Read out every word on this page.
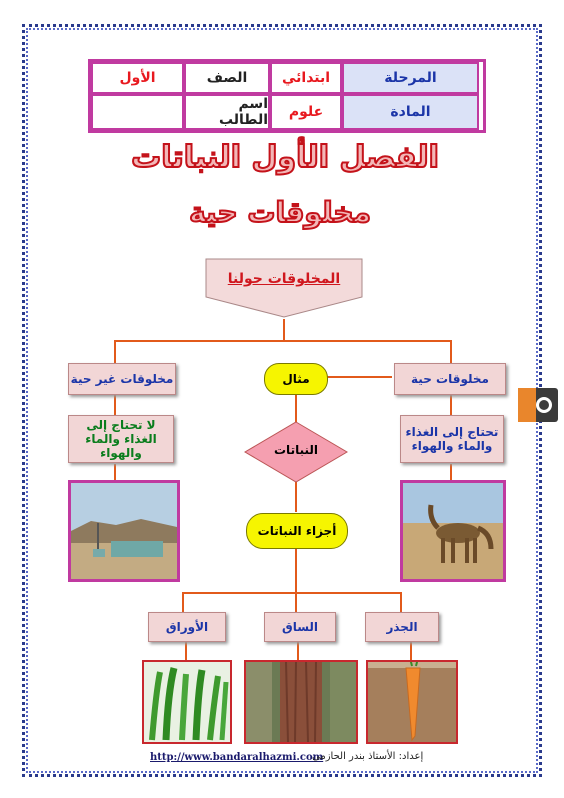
الأول	الصف	ابتدائي	المرحلة
اسم الطالب	علوم	المادة
الفصل الأول النباتات
مخلوقات حية
المخلوقات حولنا
مخلوقات حية
مخلوقات غير حية	مثال
تحتاج إلى الغذاء والماء والهواء
لا تحتاج إلى الغذاء والماء والهواء	النباتات
أجزاء النباتات
الجذر
الساق
الأوراق
http://www.bandaralhazmi.com
إعداد: الأستاذ بندر الحازمي
